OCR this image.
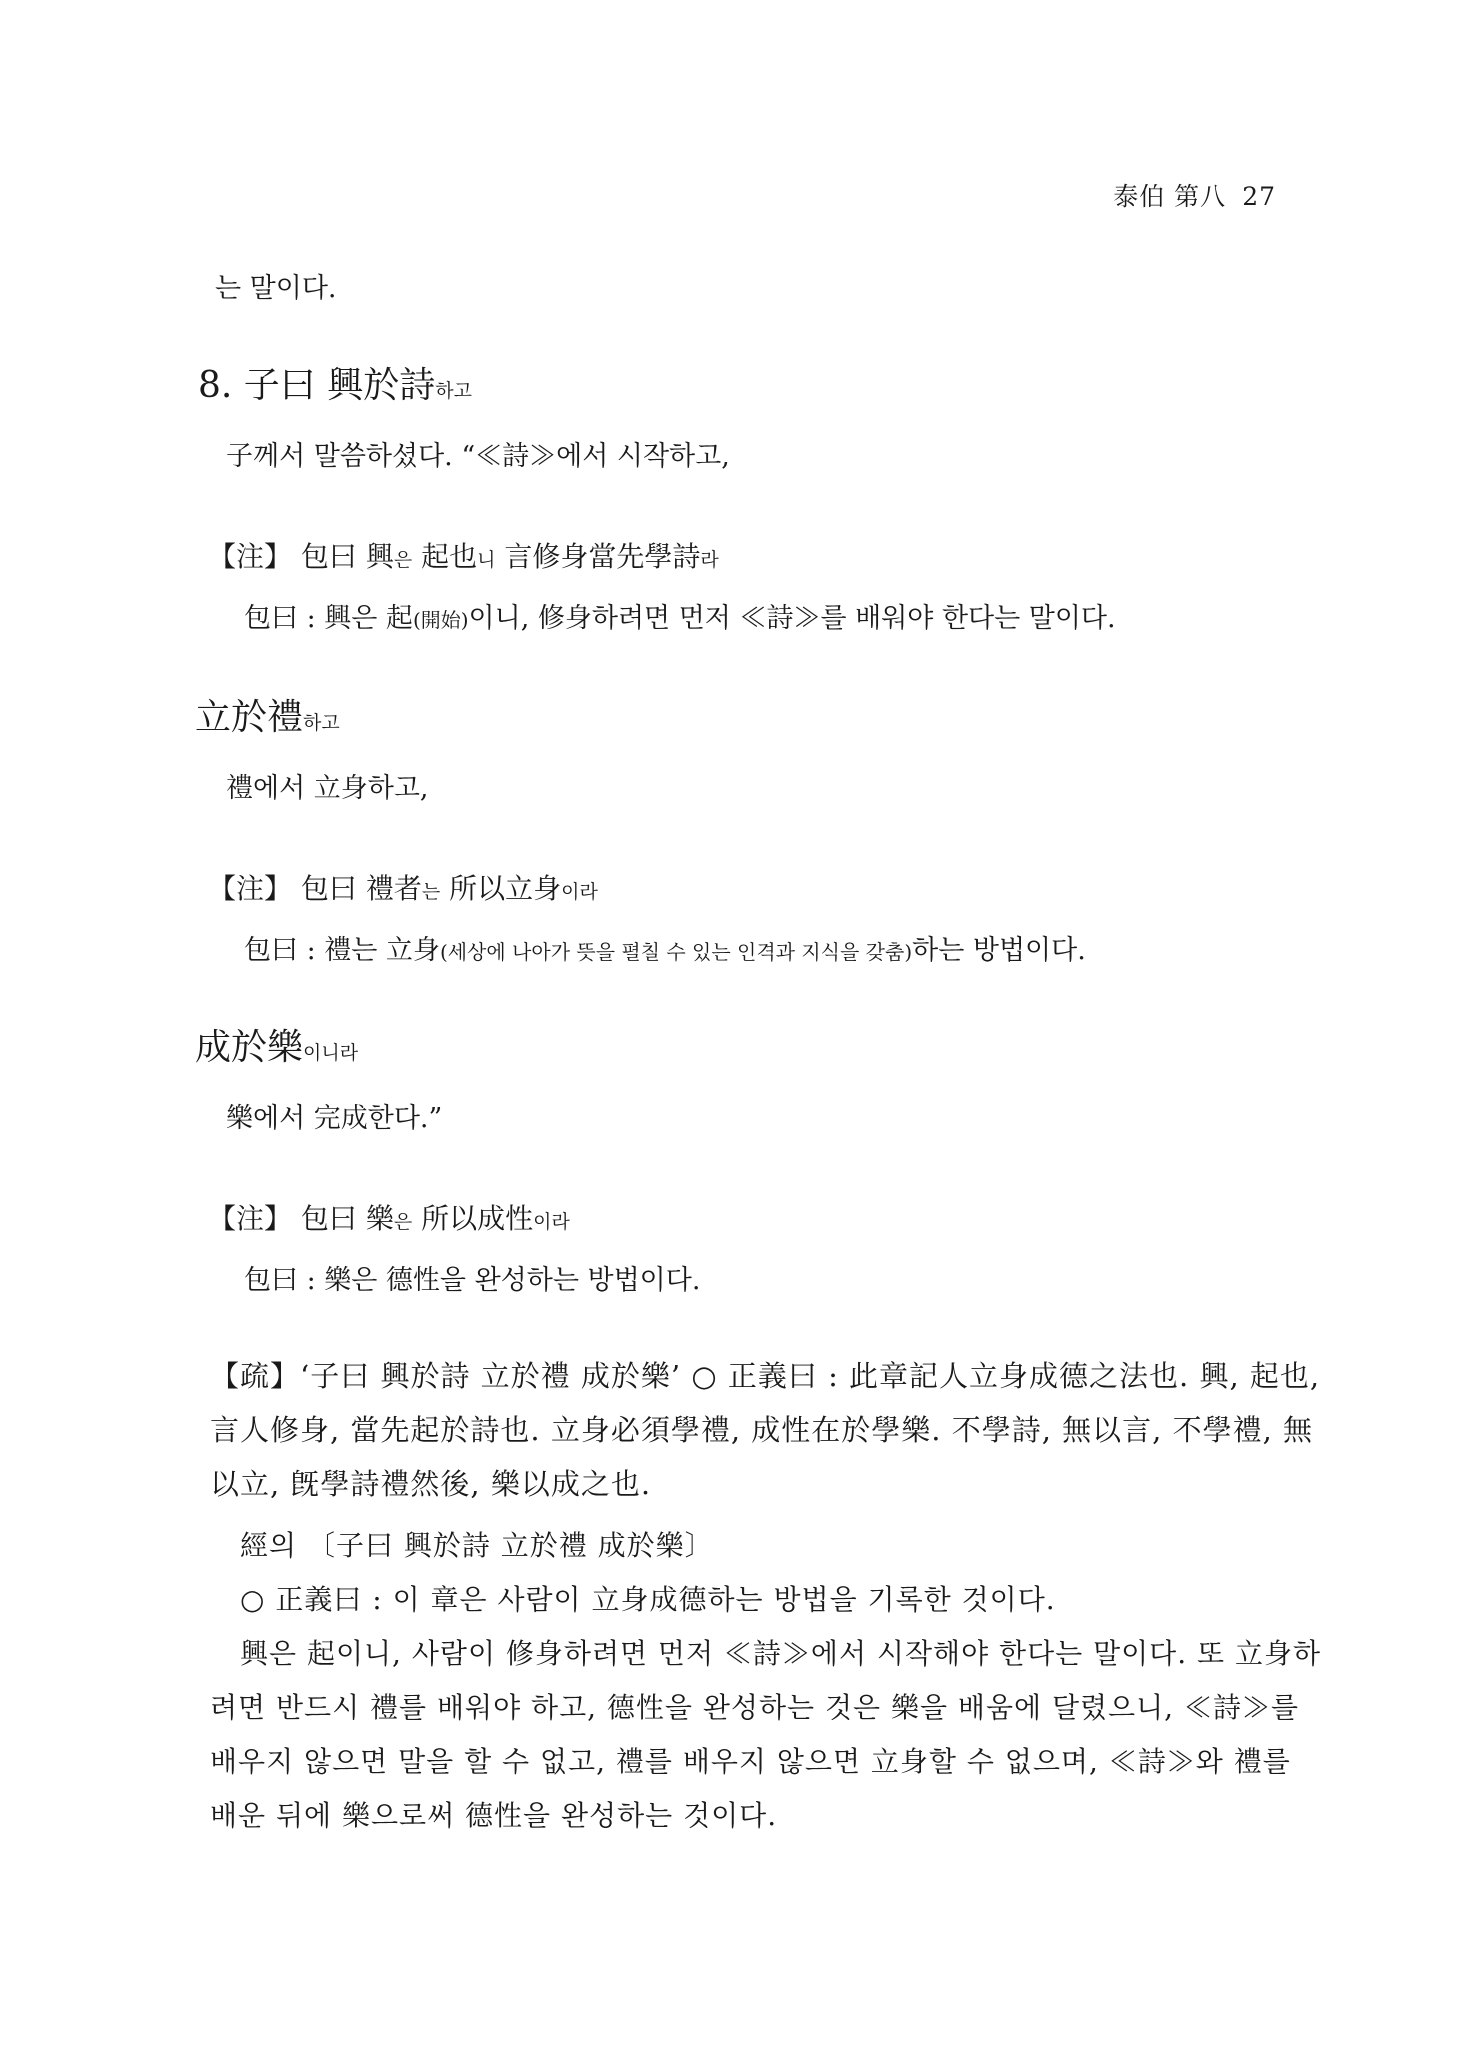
泰伯 第八 27
는 말이다.
8. 子曰 興於詩하고
子께서 말씀하셨다. “≪詩≫에서 시작하고,
【注】 包曰 興은 起也니 言修身當先學詩라
包曰 : 興은 起(開始)이니, 修身하려면 먼저 ≪詩≫를 배워야 한다는 말이다.
立於禮하고
禮에서 立身하고,
【注】 包曰 禮者는 所以立身이라
包曰 : 禮는 立身(세상에 나아가 뜻을 펼칠 수 있는 인격과 지식을 갖춤)하는 방법이다.
成於樂이니라
樂에서 完成한다.”
【注】 包曰 樂은 所以成性이라
包曰 : 樂은 德性을 완성하는 방법이다.
【疏】‘子曰 興於詩 立於禮 成於樂’ ○ 正義曰 : 此章記人立身成德之法也. 興, 起也,
言人修身, 當先起於詩也. 立身必須學禮, 成性在於學樂. 不學詩, 無以言, 不學禮, 無
以立, 旣學詩禮然後, 樂以成之也.
經의 〔子曰 興於詩 立於禮 成於樂〕
○ 正義曰 : 이 章은 사람이 立身成德하는 방법을 기록한 것이다.
興은 起이니, 사람이 修身하려면 먼저 ≪詩≫에서 시작해야 한다는 말이다. 또 立身하
려면 반드시 禮를 배워야 하고, 德性을 완성하는 것은 樂을 배움에 달렸으니, ≪詩≫를
배우지 않으면 말을 할 수 없고, 禮를 배우지 않으면 立身할 수 없으며, ≪詩≫와 禮를
배운 뒤에 樂으로써 德性을 완성하는 것이다.
